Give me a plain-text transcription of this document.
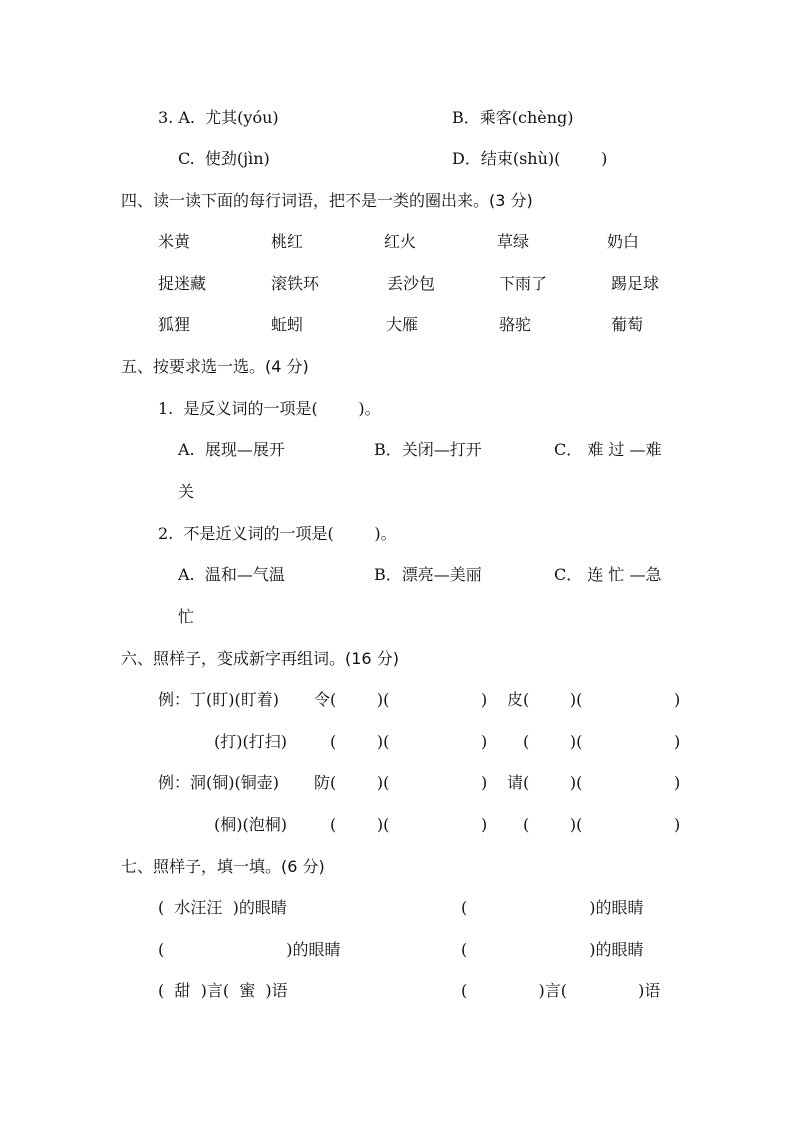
3. A.  尤其(yóu)	B．乘客(chèng)
C.  使劲(jìn)	D．结束(shù)(        )
四、读一读下面的每行词语，把不是一类的圈出来。(3 分)
米黄	桃红	红火	草绿	奶白
捉迷藏	滚铁环	丢沙包	下雨了	踢足球
狐狸	蚯蚓	大雁	骆驼	葡萄
五、按要求选一选。(4 分)
1.  是反义词的一项是(        )。
A.  展现—展开	B．关闭—打开	C． 难 过 —难
关
2.  不是近义词的一项是(        )。
A.  温和—气温	B．漂亮—美丽	C． 连 忙 —急
忙
六、照样子，变成新字再组词。(16 分)
例：丁(盯)(盯着) 令(        )(                  ) 皮(        )(                  )
(打)(打扫)	(        )(                  ) (        )(                  )
例：洞(铜)(铜壶) 防(        )(                  ) 请(        )(                  )
(桐)(泡桐)	(        )(                  ) (        )(                  )
七、照样子，填一填。(6 分)
(  水汪汪  )的眼睛	(                        )的眼睛
(                        )的眼睛	(                        )的眼睛
(  甜  )言(  蜜  )语	(              )言(              )语
